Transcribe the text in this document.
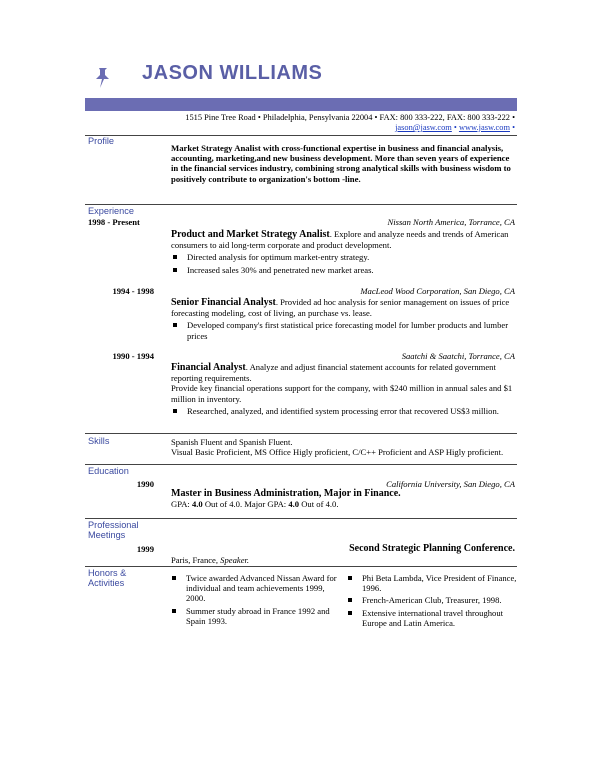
JASON WILLIAMS
1515 Pine Tree Road • Philadelphia, Pensylvania 22004 • FAX: 800 333-222, FAX: 800 333-222 •
jason@jasw.com • www.jasw.com •
Profile
Market Strategy Analist with cross-functional expertise in business and financial analysis, accounting, marketing,and new business development. More than seven years of experience in the financial services industry, combining strong analytical skills with business wisdom to positively contribute to organization's bottom -line.
Experience
1998 - Present	Nissan North America, Torrance, CA
Product and Market Strategy Analist. Explore and analyze needs and trends of American consumers to aid long-term corporate and product development.
Directed analysis for optimum market-entry strategy.
Increased sales 30% and penetrated new market areas.
1994 - 1998	MacLeod Wood Corporation, San Diego, CA
Senior Financial Analyst. Provided ad hoc analysis for senior management on issues of price forecasting modeling, cost of living, an purchase vs. lease.
Developed company's first statistical price forecasting model for lumber products and lumber prices
1990 - 1994	Saatchi & Saatchi, Torrance, CA
Financial Analyst. Analyze and adjust financial statement accounts for related government reporting requirements.
Provide key financial operations support for the company, with $240 million in annual sales and $1 million in inventory.
Researched, analyzed, and identified system processing error that recovered US$3 million.
Skills	Spanish Fluent and Spanish Fluent.
Visual Basic Proficient, MS Office Higly proficient, C/C++ Proficient and ASP Higly proficient.
Education
1990	California University, San Diego, CA
Master in Business Administration, Major in Finance.
GPA: 4.0 Out of 4.0. Major GPA: 4.0 Out of 4.0.
Professional
Meetings
1999	Second Strategic Planning Conference.
Paris, France, Speaker.
Honors &
Activities
Twice awarded Advanced Nissan Award for individual and team achievements 1999, 2000.
Summer study abroad in France 1992 and Spain 1993.
Phi Beta Lambda, Vice President of Finance, 1996.
French-American Club, Treasurer, 1998.
Extensive international travel throughout Europe and Latin America.
